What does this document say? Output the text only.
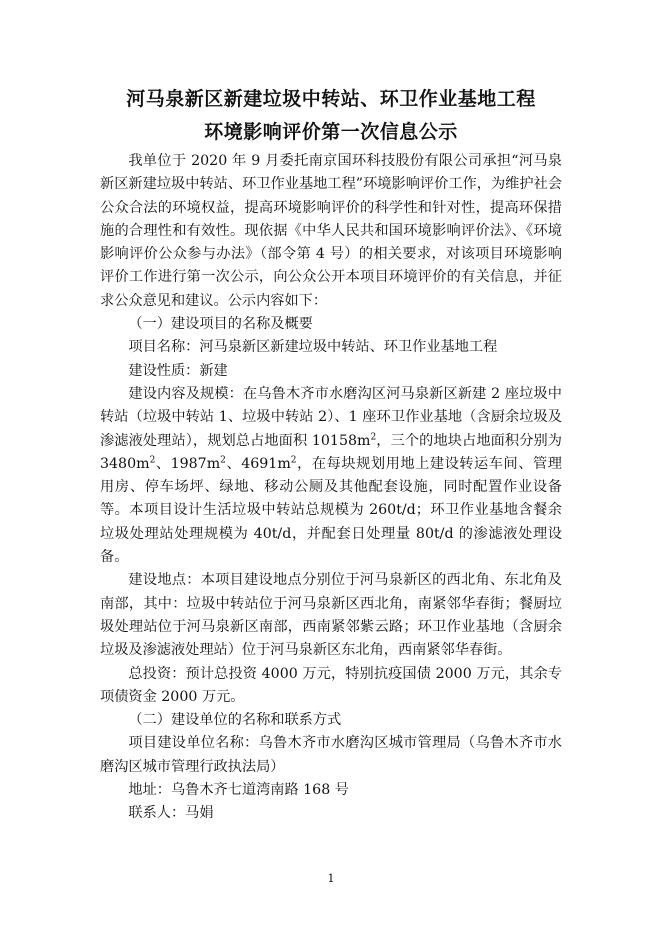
河马泉新区新建垃圾中转站、环卫作业基地工程
环境影响评价第一次信息公示

我单位于 2020 年 9 月委托南京国环科技股份有限公司承担“河马泉新区新建垃圾中转站、环卫作业基地工程”环境影响评价工作，为维护社会公众合法的环境权益，提高环境影响评价的科学性和针对性，提高环保措施的合理性和有效性。现依据《中华人民共和国环境影响评价法》、《环境影响评价公众参与办法》（部令第 4 号）的相关要求，对该项目环境影响评价工作进行第一次公示，向公众公开本项目环境评价的有关信息，并征求公众意见和建议。公示内容如下：

（一）建设项目的名称及概要

项目名称：河马泉新区新建垃圾中转站、环卫作业基地工程

建设性质：新建

建设内容及规模：在乌鲁木齐市水磨沟区河马泉新区新建 2 座垃圾中转站（垃圾中转站 1、垃圾中转站 2）、1 座环卫作业基地（含厨余垃圾及渗滤液处理站），规划总占地面积 $10158m^2$，三个的地块占地面积分别为 $3480m^2$、$1987m^2$、$4691m^2$，在每块规划用地上建设转运车间、管理用房、停车场坪、绿地、移动公厕及其他配套设施，同时配置作业设备等。本项目设计生活垃圾中转站总规模为 260t/d；环卫作业基地含餐余垃圾处理站处理规模为 40t/d，并配套日处理量 80t/d 的渗滤液处理设备。

建设地点：本项目建设地点分别位于河马泉新区的西北角、东北角及南部，其中：垃圾中转站位于河马泉新区西北角，南紧邻华春街；餐厨垃圾处理站位于河马泉新区南部，西南紧邻紫云路；环卫作业基地（含厨余垃圾及渗滤液处理站）位于河马泉新区东北角，西南紧邻华春街。

总投资：预计总投资 4000 万元，特别抗疫国债 2000 万元，其余专项债资金 2000 万元。

（二）建设单位的名称和联系方式

项目建设单位名称：乌鲁木齐市水磨沟区城市管理局（乌鲁木齐市水磨沟区城市管理行政执法局）

地址：乌鲁木齐七道湾南路 168 号

联系人：马娟

1
